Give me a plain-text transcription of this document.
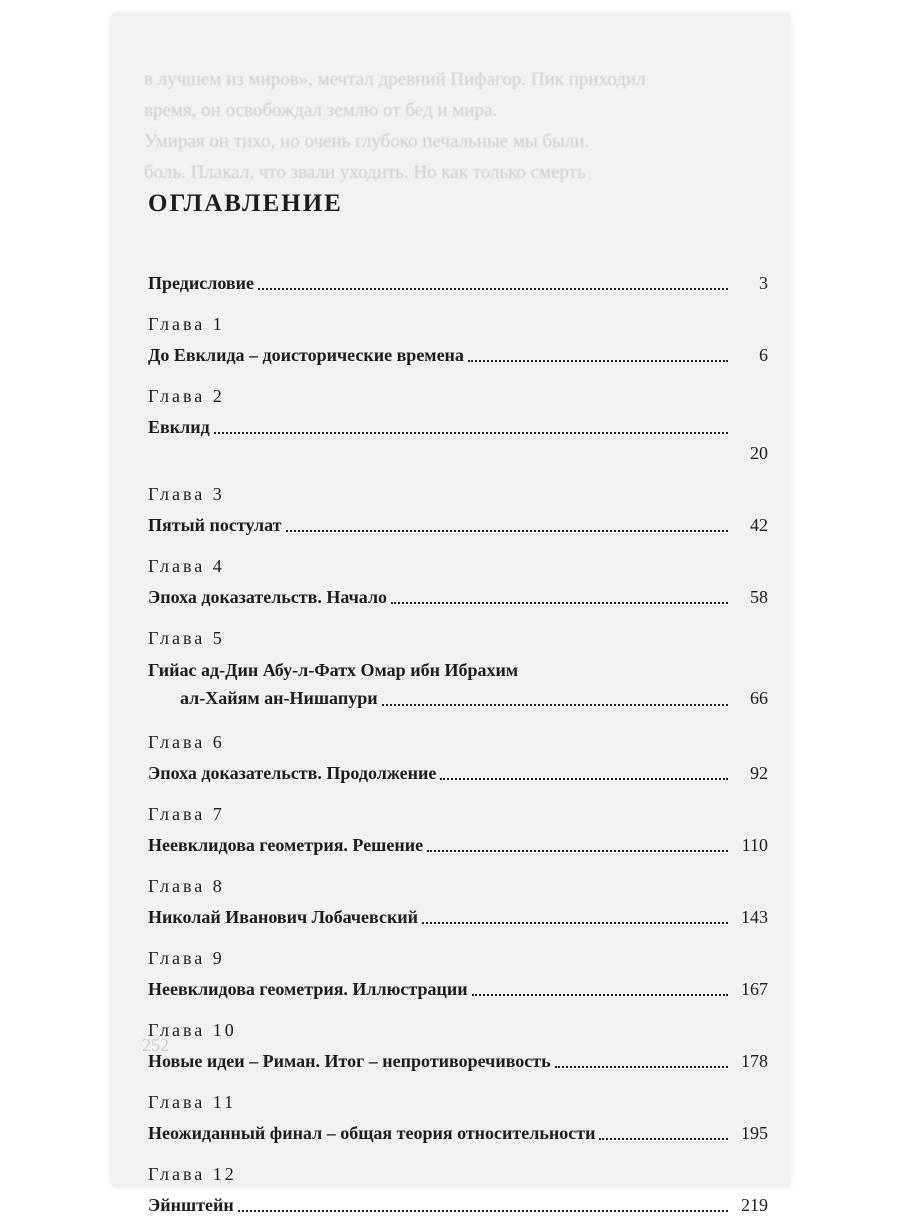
в лучшем из миров», мечтал древний Пифагор. Пик приходил

время, он освобождал землю от бед и мира.

Умирая он тихо, но очень глубоко печальные мы были.

боль. Плакал, что звали уходить. Но как только смерть

252
ОГЛАВЛЕНИЕ
Предисловие	3
Глава 1
До Евклида – доисторические времена	6
Глава 2
Евклид
20
Глава 3
Пятый постулат	42
Глава 4
Эпоха доказательств. Начало	58
Глава 5
Гийас ад-Дин Абу-л-Фатх Омар ибн Ибрахим
ал-Хайям ан-Нишапури	66
Глава 6
Эпоха доказательств. Продолжение	92
Глава 7
Неевклидова геометрия. Решение	110
Глава 8
Николай Иванович Лобачевский	143
Глава 9
Неевклидова геометрия. Иллюстрации	167
Глава 10
Новые идеи – Риман. Итог – непротиворечивость	178
Глава 11
Неожиданный финал – общая теория относительности	195
Глава 12
Эйнштейн	219
